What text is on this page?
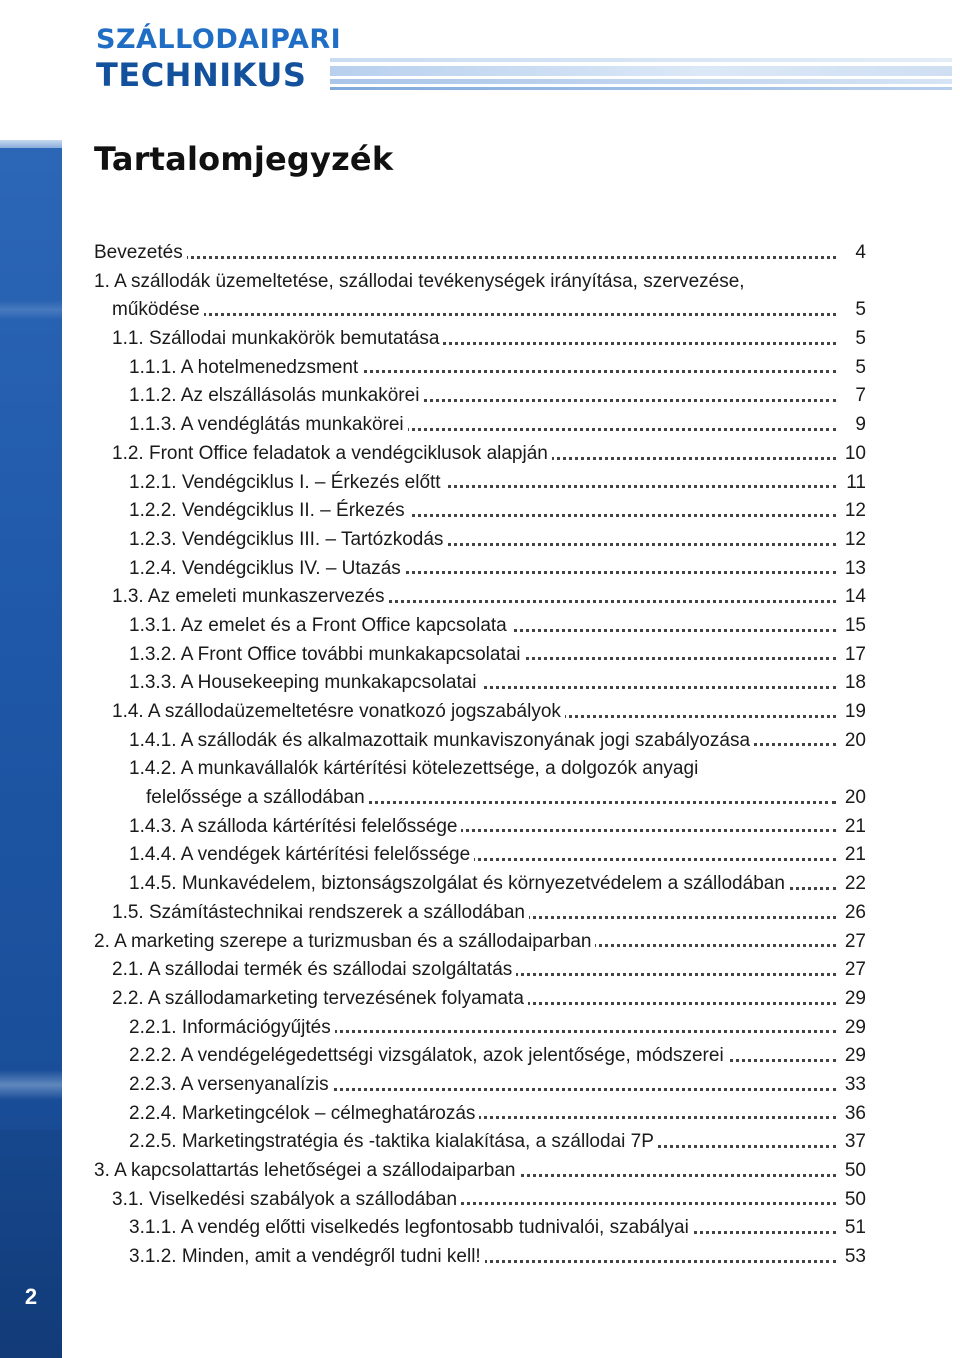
SZÁLLODAIPARI
TECHNIKUS
2
Tartalomjegyzék
Bevezetés	4
1. A szállodák üzemeltetése, szállodai tevékenységek irányítása, szervezése,
működése	5
1.1. Szállodai munkakörök bemutatása	5
1.1.1. A hotelmenedzsment	5
1.1.2. Az elszállásolás munkakörei	7
1.1.3. A vendéglátás munkakörei	9
1.2. Front Office feladatok a vendégciklusok alapján	10
1.2.1. Vendégciklus I. – Érkezés előtt	11
1.2.2. Vendégciklus II. – Érkezés	12
1.2.3. Vendégciklus III. – Tartózkodás	12
1.2.4. Vendégciklus IV. – Utazás	13
1.3. Az emeleti munkaszervezés	14
1.3.1. Az emelet és a Front Office kapcsolata	15
1.3.2. A Front Office további munkakapcsolatai	17
1.3.3. A Housekeeping munkakapcsolatai	18
1.4. A szállodaüzemeltetésre vonatkozó jogszabályok	19
1.4.1. A szállodák és alkalmazottaik munkaviszonyának jogi szabályozása	20
1.4.2. A munkavállalók kártérítési kötelezettsége, a dolgozók anyagi
felelőssége a szállodában	20
1.4.3. A szálloda kártérítési felelőssége	21
1.4.4. A vendégek kártérítési felelőssége	21
1.4.5. Munkavédelem, biztonságszolgálat és környezetvédelem a szállodában	22
1.5. Számítástechnikai rendszerek a szállodában	26
2. A marketing szerepe a turizmusban és a szállodaiparban	27
2.1. A szállodai termék és szállodai szolgáltatás	27
2.2. A szállodamarketing tervezésének folyamata	29
2.2.1. Információgyűjtés	29
2.2.2. A vendégelégedettségi vizsgálatok, azok jelentősége, módszerei	29
2.2.3. A versenyanalízis	33
2.2.4. Marketingcélok – célmeghatározás	36
2.2.5. Marketingstratégia és -taktika kialakítása, a szállodai 7P	37
3. A kapcsolattartás lehetőségei a szállodaiparban	50
3.1. Viselkedési szabályok a szállodában	50
3.1.1. A vendég előtti viselkedés legfontosabb tudnivalói, szabályai	51
3.1.2. Minden, amit a vendégről tudni kell!	53
